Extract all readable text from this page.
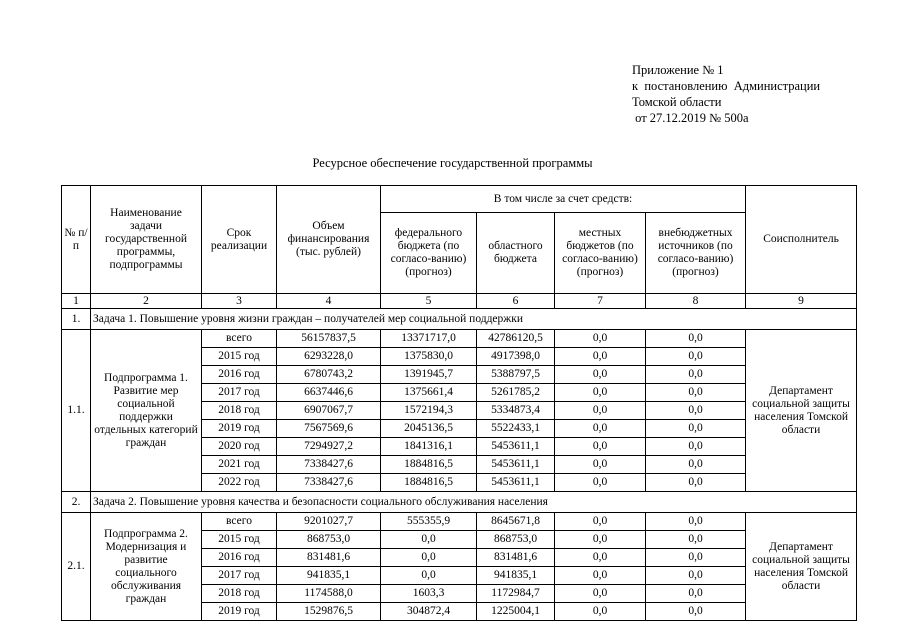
Приложение № 1
к  постановлению  Администрации
Томской области
от 27.12.2019 № 500а
Ресурсное обеспечение государственной программы
№ п/п	Наименование задачи государственной программы, подпрограммы	Срок реализации	Объем финансирования (тыс. рублей)	В том числе за счет средств:				Соисполнитель
				федерального бюджета (по согласо-ванию) (прогноз)	областного бюджета	местных бюджетов (по согласо-ванию) (прогноз)	внебюджетных источников (по согласо-ванию) (прогноз)	
1	2	3	4	5	6	7	8	9
1.	Задача 1. Повышение уровня жизни граждан – получателей мер социальной поддержки							
1.1.	Подпрограмма 1. Развитие мер социальной поддержки отдельных категорий граждан	всего	56157837,5	13371717,0	42786120,5	0,0	0,0	Департамент социальной защиты населения Томской области
		2015 год	6293228,0	1375830,0	4917398,0	0,0	0,0	
		2016 год	6780743,2	1391945,7	5388797,5	0,0	0,0	
		2017 год	6637446,6	1375661,4	5261785,2	0,0	0,0	
		2018 год	6907067,7	1572194,3	5334873,4	0,0	0,0	
		2019 год	7567569,6	2045136,5	5522433,1	0,0	0,0	
		2020 год	7294927,2	1841316,1	5453611,1	0,0	0,0	
		2021 год	7338427,6	1884816,5	5453611,1	0,0	0,0	
		2022 год	7338427,6	1884816,5	5453611,1	0,0	0,0	
2.	Задача 2. Повышение уровня качества и безопасности социального обслуживания населения							
2.1.	Подпрограмма 2. Модернизация и развитие социального обслуживания граждан	всего	9201027,7	555355,9	8645671,8	0,0	0,0	Департамент социальной защиты населения Томской области
		2015 год	868753,0	0,0	868753,0	0,0	0,0	
		2016 год	831481,6	0,0	831481,6	0,0	0,0	
		2017 год	941835,1	0,0	941835,1	0,0	0,0	
		2018 год	1174588,0	1603,3	1172984,7	0,0	0,0	
		2019 год	1529876,5	304872,4	1225004,1	0,0	0,0	
